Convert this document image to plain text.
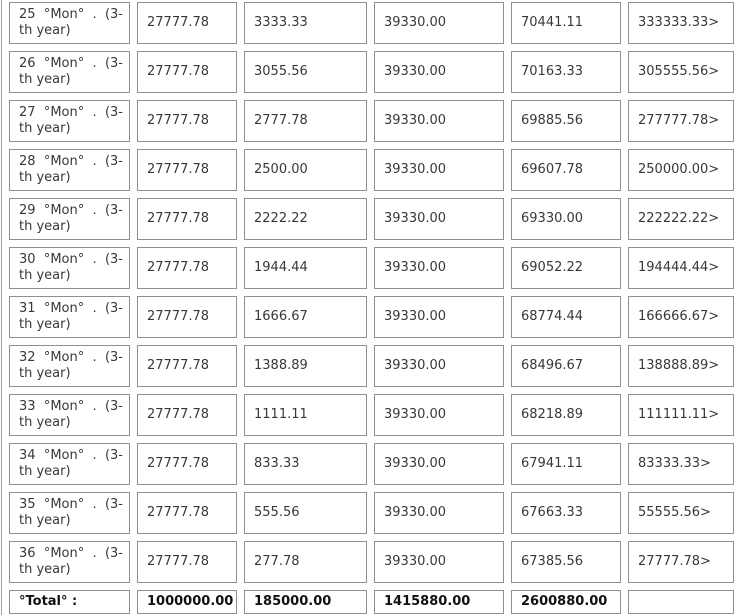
25 °Mon° . (3-th year)	27777.78	3333.33	39330.00	70441.11	333333.33>
26 °Mon° . (3-th year)	27777.78	3055.56	39330.00	70163.33	305555.56>
27 °Mon° . (3-th year)	27777.78	2777.78	39330.00	69885.56	277777.78>
28 °Mon° . (3-th year)	27777.78	2500.00	39330.00	69607.78	250000.00>
29 °Mon° . (3-th year)	27777.78	2222.22	39330.00	69330.00	222222.22>
30 °Mon° . (3-th year)	27777.78	1944.44	39330.00	69052.22	194444.44>
31 °Mon° . (3-th year)	27777.78	1666.67	39330.00	68774.44	166666.67>
32 °Mon° . (3-th year)	27777.78	1388.89	39330.00	68496.67	138888.89>
33 °Mon° . (3-th year)	27777.78	1111.11	39330.00	68218.89	111111.11>
34 °Mon° . (3-th year)	27777.78	833.33	39330.00	67941.11	83333.33>
35 °Mon° . (3-th year)	27777.78	555.56	39330.00	67663.33	55555.56>
36 °Mon° . (3-th year)	27777.78	277.78	39330.00	67385.56	27777.78>
°Total° :	1000000.00	185000.00	1415880.00	2600880.00	
